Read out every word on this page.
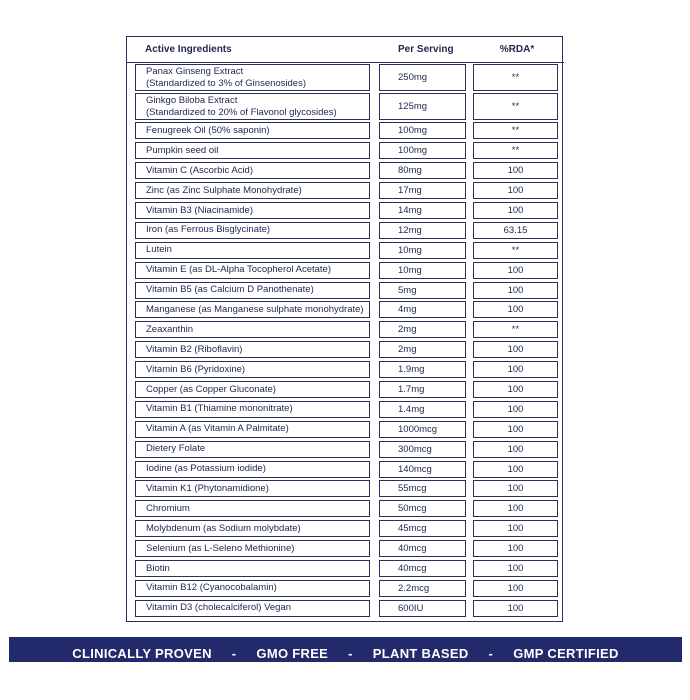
Active Ingredients	Per Serving	%RDA*

Panax Ginseng Extract
(Standardized to 3% of Ginsenosides)	250mg	**

Ginkgo Biloba Extract
(Standardized to 20% of Flavonol glycosides)	125mg	**

Fenugreek Oil (50% saponin)	100mg	**

Pumpkin seed oil	100mg	**

Vitamin C (Ascorbic Acid)	80mg	100

Zinc (as Zinc Sulphate Monohydrate)	17mg	100

Vitamin B3 (Niacinamide)	14mg	100

Iron (as Ferrous Bisglycinate)	12mg	63.15

Lutein	10mg	**

Vitamin E (as DL-Alpha Tocopherol Acetate)	10mg	100

Vitamin B5 (as Calcium D Panothenate)	5mg	100

Manganese (as Manganese sulphate monohydrate)	4mg	100

Zeaxanthin	2mg	**

Vitamin B2 (Riboflavin)	2mg	100

Vitamin B6 (Pyridoxine)	1.9mg	100

Copper (as Copper Gluconate)	1.7mg	100

Vitamin B1 (Thiamine mononitrate)	1.4mg	100

Vitamin A (as Vitamin A Palmitate)	1000mcg	100

Dietery Folate	300mcg	100

Iodine (as Potassium iodide)	140mcg	100

Vitamin K1 (Phytonamidione)	55mcg	100

Chromium	50mcg	100

Molybdenum (as Sodium molybdate)	45mcg	100

Selenium (as L-Seleno Methionine)	40mcg	100

Biotin	40mcg	100

Vitamin B12 (Cyanocobalamin)	2.2mcg	100

Vitamin D3 (cholecalciferol) Vegan	600IU	100
CLINICALLY PROVEN - GMO FREE - PLANT BASED - GMP CERTIFIED
